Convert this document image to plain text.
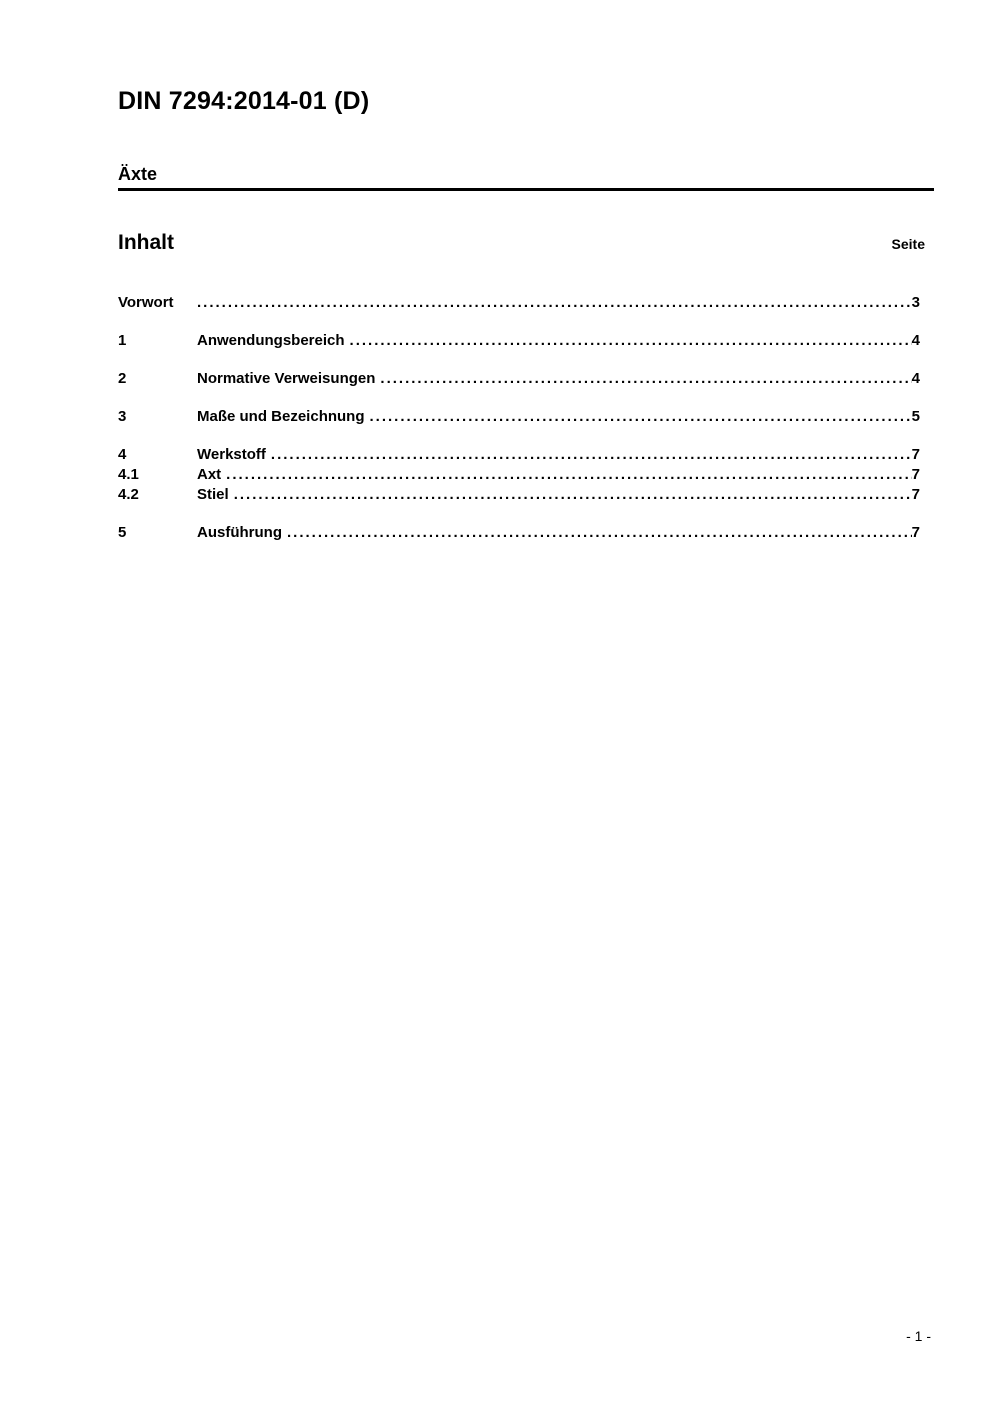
DIN 7294:2014-01 (D)
Äxte
Inhalt	Seite
Vorwort .....	3
1	Anwendungsbereich .....	4
2	Normative Verweisungen .....	4
3	Maße und Bezeichnung .....	5
4	Werkstoff .....	7
4.1	Axt .....	7
4.2	Stiel .....	7
5	Ausführung .....	7
- 1 -
